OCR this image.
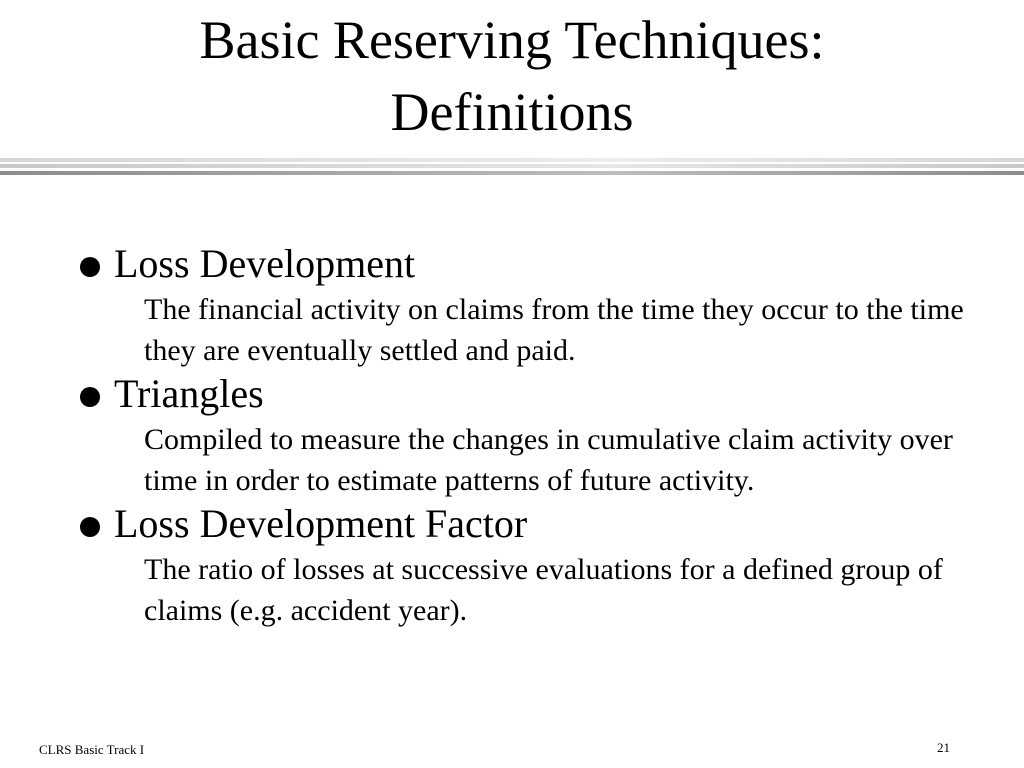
Basic Reserving Techniques:
Definitions
Loss Development
The financial activity on claims from the time they occur to the time they are eventually settled and paid.
Triangles
Compiled to measure the changes in cumulative claim activity over time in order to estimate patterns of future activity.
Loss Development Factor
The ratio of losses at successive evaluations for a defined group of claims (e.g. accident year).
CLRS Basic Track I	21
